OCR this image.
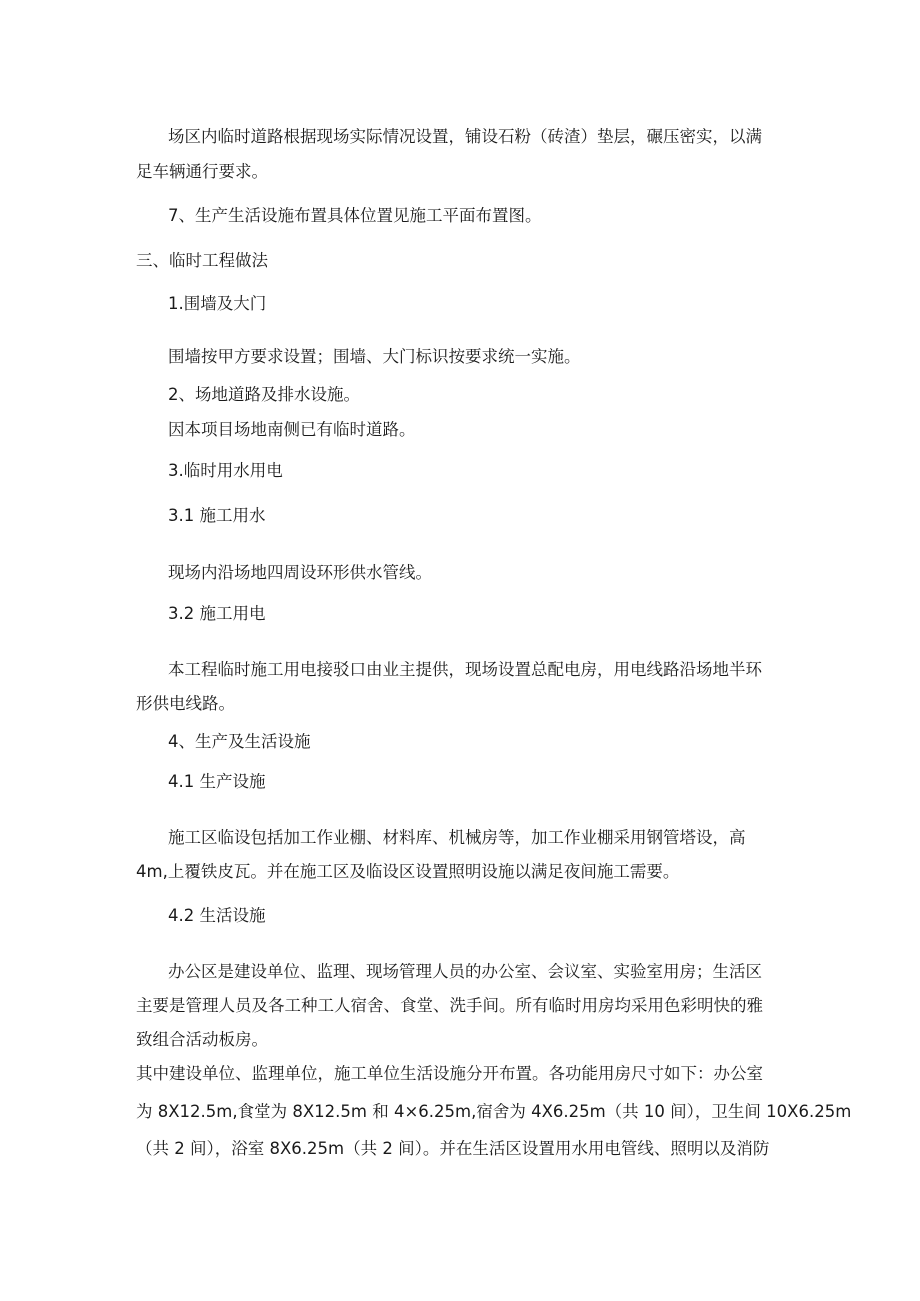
场区内临时道路根据现场实际情况设置，铺设石粉（砖渣）垫层，碾压密实，以满
足车辆通行要求。
7、生产生活设施布置具体位置见施工平面布置图。
三、临时工程做法
1.围墙及大门
围墙按甲方要求设置；围墙、大门标识按要求统一实施。
2、场地道路及排水设施。
因本项目场地南侧已有临时道路。
3.临时用水用电
3.1 施工用水
现场内沿场地四周设环形供水管线。
3.2 施工用电
本工程临时施工用电接驳口由业主提供，现场设置总配电房，用电线路沿场地半环
形供电线路。
4、生产及生活设施
4.1 生产设施
施工区临设包括加工作业棚、材料库、机械房等，加工作业棚采用钢管塔设，高
4m,上覆铁皮瓦。并在施工区及临设区设置照明设施以满足夜间施工需要。
4.2 生活设施
办公区是建设单位、监理、现场管理人员的办公室、会议室、实验室用房；生活区
主要是管理人员及各工种工人宿舍、食堂、洗手间。所有临时用房均采用色彩明快的雅
致组合活动板房。
其中建设单位、监理单位，施工单位生活设施分开布置。各功能用房尺寸如下：办公室
为 8X12.5m,食堂为 8X12.5m 和 4×6.25m,宿舍为 4X6.25m（共 10 间），卫生间 10X6.25m
（共 2 间），浴室 8X6.25m（共 2 间）。并在生活区设置用水用电管线、照明以及消防
